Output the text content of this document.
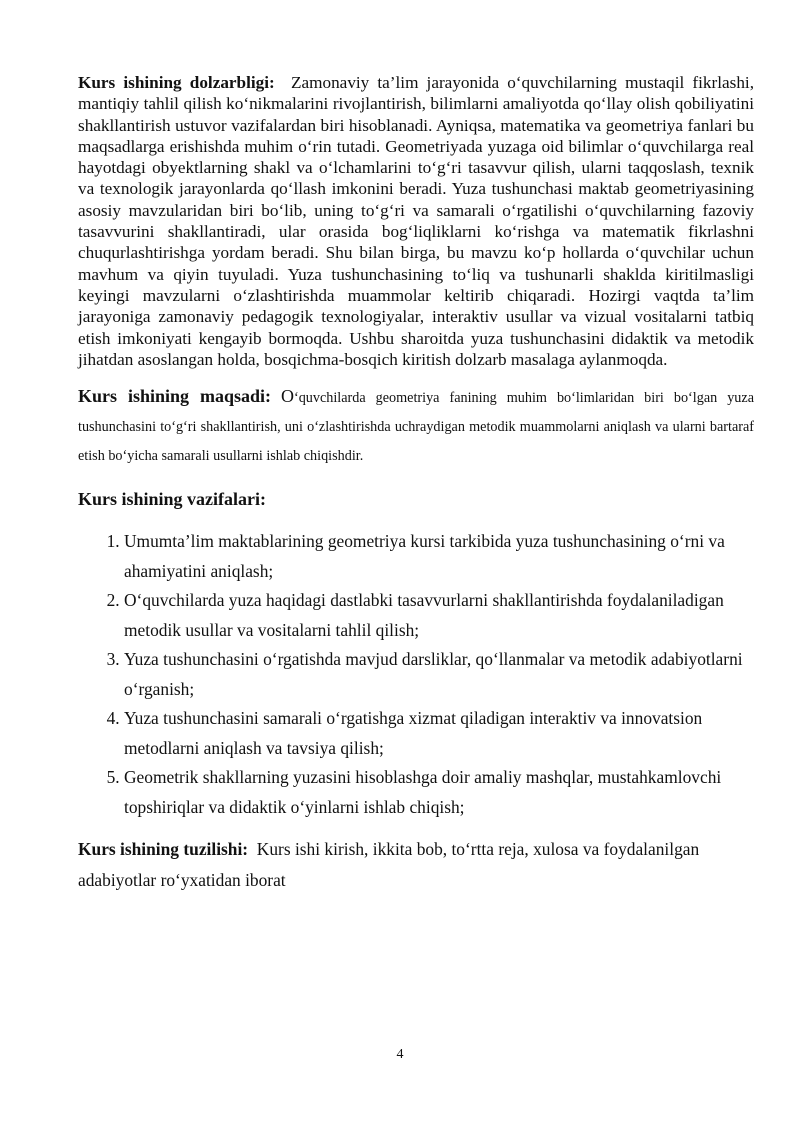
Kurs ishining dolzarbligi: Zamonaviy ta’lim jarayonida o‘quvchilarning mustaqil fikrlashi, mantiqiy tahlil qilish ko‘nikmalarini rivojlantirish, bilimlarni amaliyotda qo‘llay olish qobiliyatini shakllantirish ustuvor vazifalardan biri hisoblanadi. Ayniqsa, matematika va geometriya fanlari bu maqsadlarga erishishda muhim o‘rin tutadi. Geometriyada yuzaga oid bilimlar o‘quvchilarga real hayotdagi obyektlarning shakl va o‘lchamlarini to‘g‘ri tasavvur qilish, ularni taqqoslash, texnik va texnologik jarayonlarda qo‘llash imkonini beradi. Yuza tushunchasi maktab geometriyasining asosiy mavzularidan biri bo‘lib, uning to‘g‘ri va samarali o‘rgatilishi o‘quvchilarning fazoviy tasavvurini shakllantiradi, ular orasida bog‘liqliklarni ko‘rishga va matematik fikrlashni chuqurlashtirishga yordam beradi. Shu bilan birga, bu mavzu ko‘p hollarda o‘quvchilar uchun mavhum va qiyin tuyuladi. Yuza tushunchasining to‘liq va tushunarli shaklda kiritilmasligi keyingi mavzularni o‘zlashtirishda muammolar keltirib chiqaradi. Hozirgi vaqtda ta’lim jarayoniga zamonaviy pedagogik texnologiyalar, interaktiv usullar va vizual vositalarni tatbiq etish imkoniyati kengayib bormoqda. Ushbu sharoitda yuza tushunchasini didaktik va metodik jihatdan asoslangan holda, bosqichma-bosqich kiritish dolzarb masalaga aylanmoqda.

Kurs ishining maqsadi: O‘quvchilarda geometriya fanining muhim bo‘limlaridan biri bo‘lgan yuza tushunchasini to‘g‘ri shakllantirish, uni o‘zlashtirishda uchraydigan metodik muammolarni aniqlash va ularni bartaraf etish bo‘yicha samarali usullarni ishlab chiqishdir.

Kurs ishining vazifalari:

1. Umumta’lim maktablarining geometriya kursi tarkibida yuza tushunchasining o‘rni va ahamiyatini aniqlash;
2. O‘quvchilarda yuza haqidagi dastlabki tasavvurlarni shakllantirishda foydalaniladigan metodik usullar va vositalarni tahlil qilish;
3. Yuza tushunchasini o‘rgatishda mavjud darsliklar, qo‘llanmalar va metodik adabiyotlarni o‘rganish;
4. Yuza tushunchasini samarali o‘rgatishga xizmat qiladigan interaktiv va innovatsion metodlarni aniqlash va tavsiya qilish;
5. Geometrik shakllarning yuzasini hisoblashga doir amaliy mashqlar, mustahkamlovchi topshiriqlar va didaktik o‘yinlarni ishlab chiqish;

Kurs ishining tuzilishi: Kurs ishi kirish, ikkita bob, to‘rtta reja, xulosa va foydalanilgan adabiyotlar ro‘yxatidan iborat

4
